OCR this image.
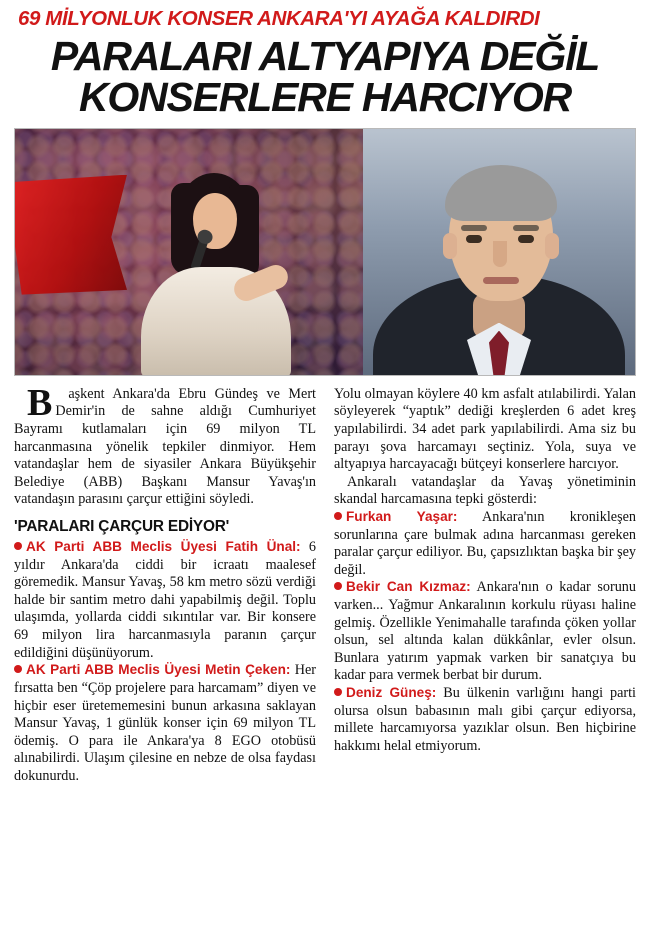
69 MİLYONLUK KONSER ANKARA'YI AYAĞA KALDIRDI
PARALARI ALTYAPIYA DEĞİL
KONSERLERE HARCIYOR

B aşkent Ankara'da Ebru Gündeş ve Mert Demir'in de sahne aldığı Cumhuriyet Bayramı kutlamaları için 69 milyon TL harcanmasına yönelik tepkiler dinmiyor. Hem vatandaşlar hem de siyasiler Ankara Büyükşehir Belediye (ABB) Başkanı Mansur Yavaş'ın vatandaşın parasını çarçur ettiğini söyledi.

'PARALARI ÇARÇUR EDİYOR'

AK Parti ABB Meclis Üyesi Fatih Ünal: 6 yıldır Ankara'da ciddi bir icraatı maalesef göremedik. Mansur Yavaş, 58 km metro sözü verdiği halde bir santim metro dahi yapabilmiş değil. Toplu ulaşımda, yollarda ciddi sıkıntılar var. Bir konsere 69 milyon lira harcanmasıyla paranın çarçur edildiğini düşünüyorum.

AK Parti ABB Meclis Üyesi Metin Çeken: Her fırsatta ben “Çöp projelere para harcamam” diyen ve hiçbir eser üretememesini bunun arkasına saklayan Mansur Yavaş, 1 günlük konser için 69 milyon TL ödemiş. O para ile Ankara'ya 8 EGO otobüsü alınabilirdi. Ulaşım çilesine en nebze de olsa faydası dokunurdu.

Yolu olmayan köylere 40 km asfalt atılabilirdi. Yalan söyleyerek “yaptık” dediği kreşlerden 6 adet kreş yapılabilirdi. 34 adet park yapılabilirdi. Ama siz bu parayı şova harcamayı seçtiniz. Yola, suya ve altyapıya harcayacağı bütçeyi konserlere harcıyor.

Ankaralı vatandaşlar da Yavaş yönetiminin skandal harcamasına tepki gösterdi:

Furkan Yaşar: Ankara'nın kronikleşen sorunlarına çare bulmak adına harcanması gereken paralar çarçur ediliyor. Bu, çapsızlıktan başka bir şey değil.

Bekir Can Kızmaz: Ankara'nın o kadar sorunu varken... Yağmur Ankaralının korkulu rüyası haline gelmiş. Özellikle Yenimahalle tarafında çöken yollar olsun, sel altında kalan dükkânlar, evler olsun. Bunlara yatırım yapmak varken bir sanatçıya bu kadar para vermek berbat bir durum.

Deniz Güneş: Bu ülkenin varlığını hangi parti olursa olsun babasının malı gibi çarçur ediyorsa, millete harcamıyorsa yazıklar olsun. Ben hiçbirine hakkımı helal etmiyorum.
